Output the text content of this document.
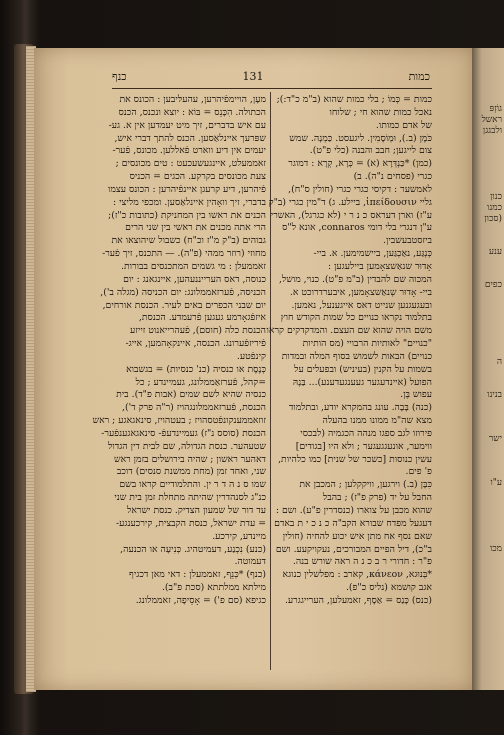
כמות
131
כנף

כמות = כְּמוֹ ; בלי כמות שהוא (ב"מ כ"ד:);

נאכל כמות שהוא חי ; שלוחו

של אדם כמותו.

כֹּמֶן (ב.), וּמְוֹסָמִין. ליגעסט. כַּמְנָה. שמש

צום לייגען; חבב והבנה (כלי פ"ט).

(כמן) *כַּנְדְּרָא (א) = כְּרָא, קְרָא : דמוגר

כגרי (פסחים נ"ה). ב)

לאמשער : דקיסי כגרי כגרי (חולין ס"ח),

גליי ἱπείδουσιν, ביילע. ג) ד"מין כגרי (ב"ק

ע"ז) וארן דעראס כ נ ר י (לא כגרגל), האשרי

ע"ן דנגרי בלי דומי connaros, אונא ל"ס

ביזסטבעשבין.

כְּנְגַּע, נאַכְגַּען, ביישמימען. א. ביי-

אָדוּר שנאַשצאָמען ביילעגען :

המכוה שם להבדין (ב"מ פ"ט). כנוי, מושל,

ביי- אָדוּר שְנאַשצאָמען, איבערדרוכט א.

ובעגעגנען שנייט דאס אייגענעל, נאמען.

בתלמוד נקראו כנויים כל שמות הקודש חוץ

משם הויה שהוא שם העצם. והמדקדקים קראו

"כנויים" לאותיות הרבויי (מס הותיות

כנויים) הבאות לשמוש בסוף המלה ובמדות

בשמות על הקנין (בעיניש) ובפעלים על

הפועל (איינדעגער געענגעדענע)... בַּנֶהּ

עפוש בֶּן.

(כנה) בָּבָה. עונג בהמקרא יודע, ובתלמוד

מצא שה"מ ממונו ממנו בהעלה

פירוזו לגב ספגו מנהה הכגמיה (לבכסי

ווימער, אונעגגעגער ; ולא היו [בגודים]

עשין כנוסות [כשכר של שנית] כמו כלהיות,

פ' פים.

כִּבָּן (ב.) וירגען, וויקקלען ; המכבן את

החבל על יד (פרק פ"ז) ; בהבל

שהוא מכבן על צוארו (כנסדרין פ"ע). ושם :

דעגעל מפדח שבורא הקב"ה כ נ כ י ת באדם

שאם נסף אח מתן איש יכוע להחיה (חולין

ב"כ), דיל הפיים המבורכים, נעקויקעע. ושם

פ"ר : חדורי ר ב כ נ ה ראה שורש בנה.

*בְּנוּגא, κάνεον, קארב : מפלשלין כנוגא

אגב קושמא (נליס כ"פ).

(כנס) כָּנַס = אַסָף, זאמעלען, הערייגגרע.

מעָן, הויימפֿיהרען, עהעלּיבען : הכונס את

הכתולה. הִכָּנֵס = בּוֹא : יוצא ונכנס, הכנס

עם איש בדברים, זיך מיט יעמדען אין א. גע-

שפּרעך איינלאַסען. הכנס להתך דברי איש,

יעמים אין דיע ווארט פֿאללען. מכונס, פֿער-

זאממעלט, איינגעשעכעט : טים מכונסים ;

צעת מכונסים בקרקע. הכגים = הכניס

פֿיהרען, דיע קרעגן איינפֿיהרען : הכונס עצמו

בדברי, זיך וואָהין איינלאַסען. ומכפי מליצי :

הכנים את ראשו בין המחניקת (כתובות כ"ז);

הרי אתה מכנים את ראשי בין שני הרים

גבוהים (ב"ק מ"ז וכ"ח) כשבול שיהוצאו את

מחוזי (רוזר ממהי (פ"ה). — התכנס, זיך פֿער-

זאממעלן : מי גשמים המתכנסים בבורות.

כנוסה, דאס הערייננעהען, איינגאנג : יום

הכניסה, פֿערזאממלונג: יום הכניסה (מגלה ב'),

יום שבני הכפרים באים לעיר. הכנסת אורחים,

איזפֿגאָרמע געגען פֿרעמדע. הכנסת,

הכנסת כלה (חוסם), פֿעהרייאנוט זייזע

פֿיריזפֿערונג. הכנסה, איינקאָהמען, אייג-

קינפֿטע.

כְּנֶסֶת או כנסיה (כנ' כנסיות) = בגשבוא

=קהל, פֿערזאַממלונג, געמיינדע ; כל

כנסיה שהיא לשם שמים (אבות פ"ד). בית

הכנסת, פֿערזאממלונגהויז (ר"ה פרק ד'),

זוזאממענקונפֿטסהויז ; בעטהויז, סינאגאגע ; ראש

הכנסת (סוסס נ"ז) געמיינדעפֿ- סינאגאגענפֿער-

שטעהער. כנסת הגדולה, שם לבית דין הגדול

דאהער ראשון ; שהיה בירושלים בזמן ראש

שני, ואחד זמן (מחת ממשנת סנסים) דוכב

שמו ס נ ה ד ר ין. והתלמודיים קראו בשם

כנ"ג לסנהדרין שהיתה מתחלת זמן בית שני

עד דור של שמעון הצדיק. כנסת ישראל

= עדת ישראל, כנסת הקבצית, קירכענגע-

מיינדע, קירכע.

(כנע) נִכְנַע, דעמיטהיג. כְּנִיעָה או הכנעה,

דעמוטה.

(כנף) *כְּנֵף, זאממעלן : דאי מאן דכגיף

מילתא ממלתתא (סכת פ"ב).

כגיפא (סם פ') = אָסֵיפָה, זאממלונג.

גוֹזְפּ
ראשל
ולבגגן
כנון
כמנו
(סכון
ענע
כפים
ה
בנינו
ישר
ע"ו
מכו
